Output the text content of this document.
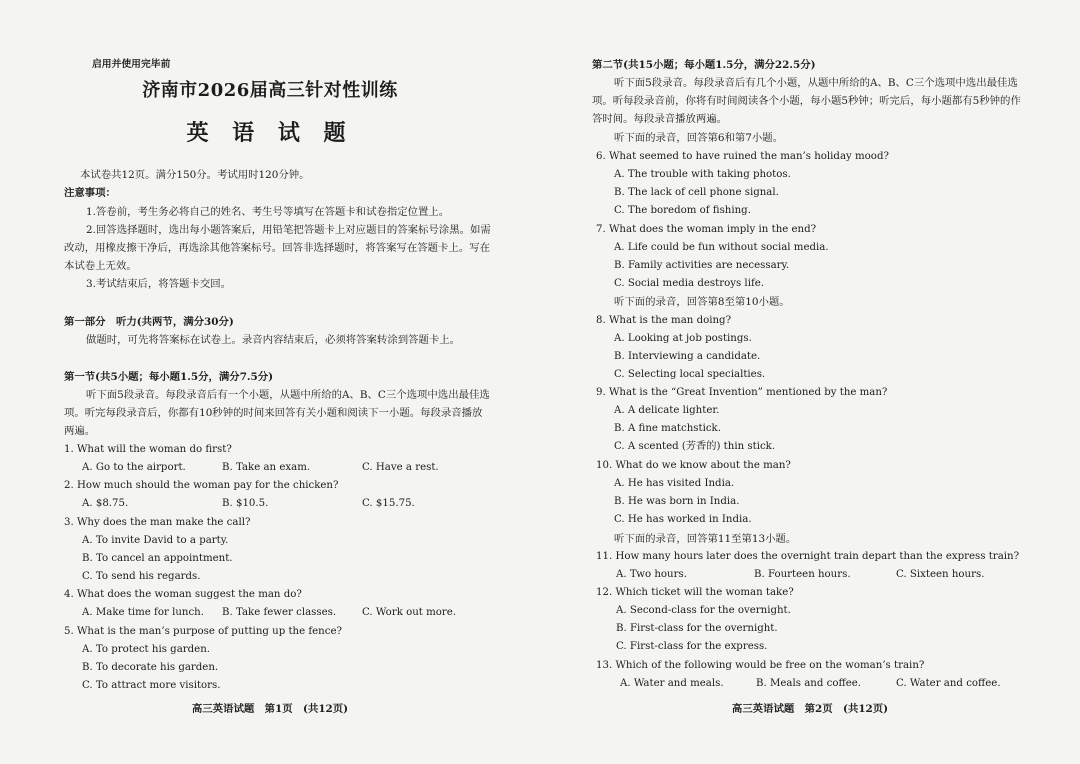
启用并使用完毕前
济南市2026届高三针对性训练
英 语 试 题
本试卷共12页。满分150分。考试用时120分钟。
注意事项：
1.答卷前，考生务必将自己的姓名、考生号等填写在答题卡和试卷指定位置上。
2.回答选择题时，选出每小题答案后，用铅笔把答题卡上对应题目的答案标号涂黑。如需
改动，用橡皮擦干净后，再选涂其他答案标号。回答非选择题时，将答案写在答题卡上。写在
本试卷上无效。
3.考试结束后，将答题卡交回。
第一部分　听力(共两节，满分30分)
做题时，可先将答案标在试卷上。录音内容结束后，必须将答案转涂到答题卡上。
第一节(共5小题；每小题1.5分，满分7.5分)
听下面5段录音。每段录音后有一个小题，从题中所给的A、B、C三个选项中选出最佳选
项。听完每段录音后，你都有10秒钟的时间来回答有关小题和阅读下一小题。每段录音播放
两遍。
1. What will the woman do first?
A. Go to the airport.	B. Take an exam.	C. Have a rest.
2. How much should the woman pay for the chicken?
A. $8.75.	B. $10.5.	C. $15.75.
3. Why does the man make the call?
A. To invite David to a party.
B. To cancel an appointment.
C. To send his regards.
4. What does the woman suggest the man do?
A. Make time for lunch. B. Take fewer classes.	C. Work out more.
5. What is the man’s purpose of putting up the fence?
A. To protect his garden.
B. To decorate his garden.
C. To attract more visitors.
高三英语试题　第1页　(共12页)
第二节(共15小题；每小题1.5分，满分22.5分)
听下面5段录音。每段录音后有几个小题，从题中所给的A、B、C三个选项中选出最佳选
项。听每段录音前，你将有时间阅读各个小题，每小题5秒钟；听完后，每小题都有5秒钟的作
答时间。每段录音播放两遍。
听下面的录音，回答第6和第7小题。
6. What seemed to have ruined the man’s holiday mood?
A. The trouble with taking photos.
B. The lack of cell phone signal.
C. The boredom of fishing.
7. What does the woman imply in the end?
A. Life could be fun without social media.
B. Family activities are necessary.
C. Social media destroys life.
听下面的录音，回答第8至第10小题。
8. What is the man doing?
A. Looking at job postings.
B. Interviewing a candidate.
C. Selecting local specialties.
9. What is the “Great Invention” mentioned by the man?
A. A delicate lighter.
B. A fine matchstick.
C. A scented (芳香的) thin stick.
10. What do we know about the man?
A. He has visited India.
B. He was born in India.
C. He has worked in India.
听下面的录音，回答第11至第13小题。
11. How many hours later does the overnight train depart than the express train?
A. Two hours.	B. Fourteen hours.	C. Sixteen hours.
12. Which ticket will the woman take?
A. Second-class for the overnight.
B. First-class for the overnight.
C. First-class for the express.
13. Which of the following would be free on the woman’s train?
A. Water and meals.	B. Meals and coffee.	C. Water and coffee.
高三英语试题　第2页　(共12页)
